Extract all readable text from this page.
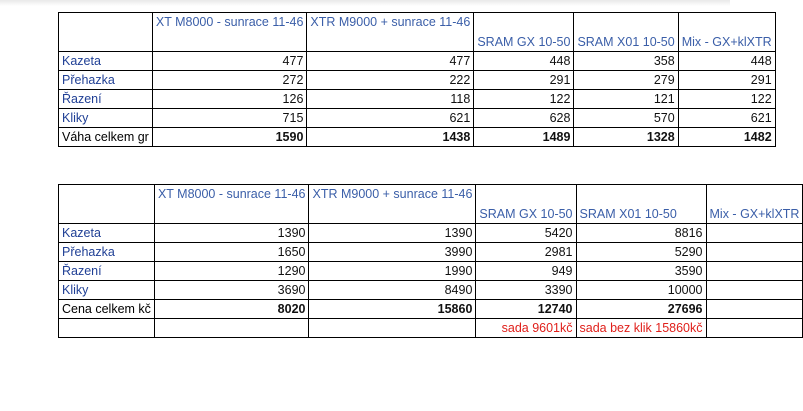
	XT M8000 - sunrace 11-46	XTR M9000 + sunrace 11-46	SRAM GX 10-50	SRAM X01 10-50	Mix - GX+klXTR
Kazeta	477	477	448	358	448
Přehazka	272	222	291	279	291
Řazení	126	118	122	121	122
Kliky	715	621	628	570	621
Váha celkem gr	1590	1438	1489	1328	1482
	XT M8000 - sunrace 11-46	XTR M9000 + sunrace 11-46	SRAM GX 10-50	SRAM X01 10-50	Mix - GX+klXTR
Kazeta	1390	1390	5420	8816	
Přehazka	1650	3990	2981	5290	
Řazení	1290	1990	949	3590	
Kliky	3690	8490	3390	10000	
Cena celkem kč	8020	15860	12740	27696	
			sada 9601kč	sada bez klik 15860kč	
